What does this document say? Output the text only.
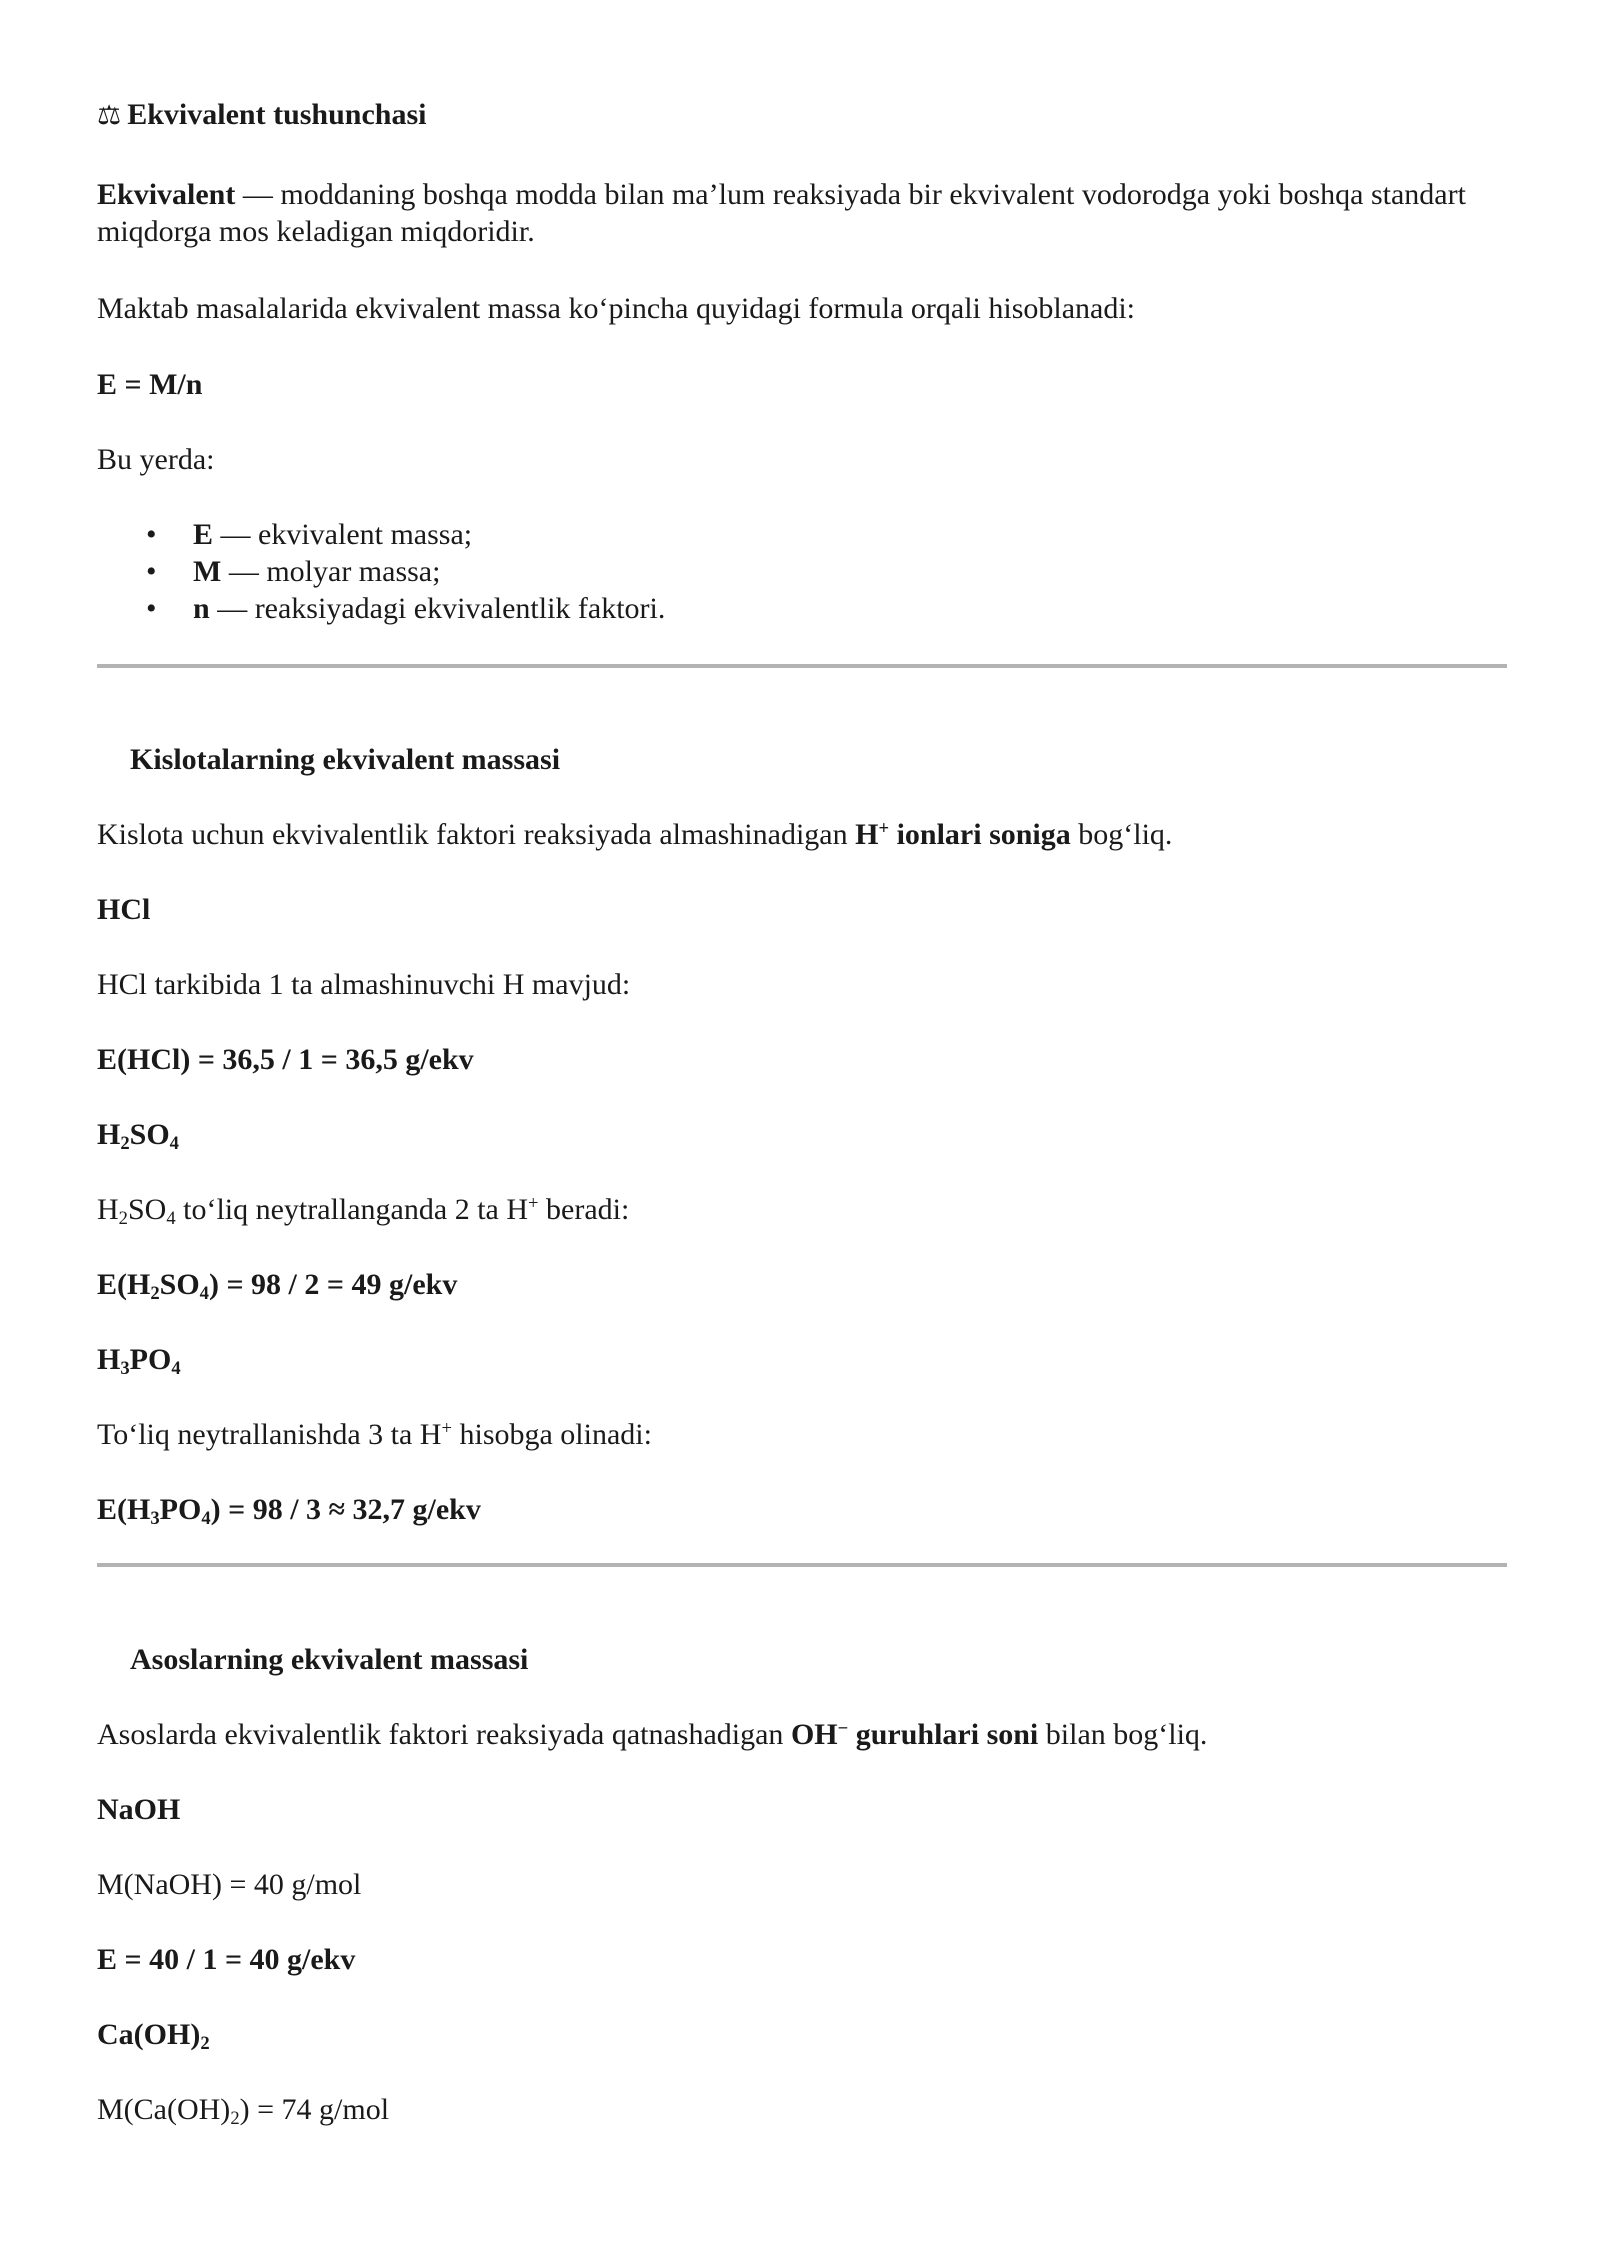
⚖ Ekvivalent tushunchasi

Ekvivalent — moddaning boshqa modda bilan ma’lum reaksiyada bir ekvivalent vodorodga yoki boshqa standart miqdorga mos keladigan miqdoridir.

Maktab masalalarida ekvivalent massa ko‘pincha quyidagi formula orqali hisoblanadi:

E = M/n

Bu yerda:

•	E — ekvivalent massa;
•	M — molyar massa;
•	n — reaksiyadagi ekvivalentlik faktori.

Kislotalarning ekvivalent massasi

Kislota uchun ekvivalentlik faktori reaksiyada almashinadigan H+ ionlari soniga bog‘liq.

HCl

HCl tarkibida 1 ta almashinuvchi H mavjud:

E(HCl) = 36,5 / 1 = 36,5 g/ekv

$H_2SO_4$

$H_2SO_4$ to‘liq neytrallanganda 2 ta H+ beradi:

$E(H_2SO_4) = 98 / 2 = 49$ g/ekv

$H_3PO_4$

To‘liq neytrallanishda 3 ta H+ hisobga olinadi:

$E(H_3PO_4) = 98 / 3 \approx 32,7$ g/ekv

Asoslarning ekvivalent massasi

Asoslarda ekvivalentlik faktori reaksiyada qatnashadigan OH− guruhlari soni bilan bog‘liq.

NaOH

M(NaOH) = 40 g/mol

E = 40 / 1 = 40 g/ekv

$Ca(OH)_2$

$M(Ca(OH)_2) = 74$ g/mol
